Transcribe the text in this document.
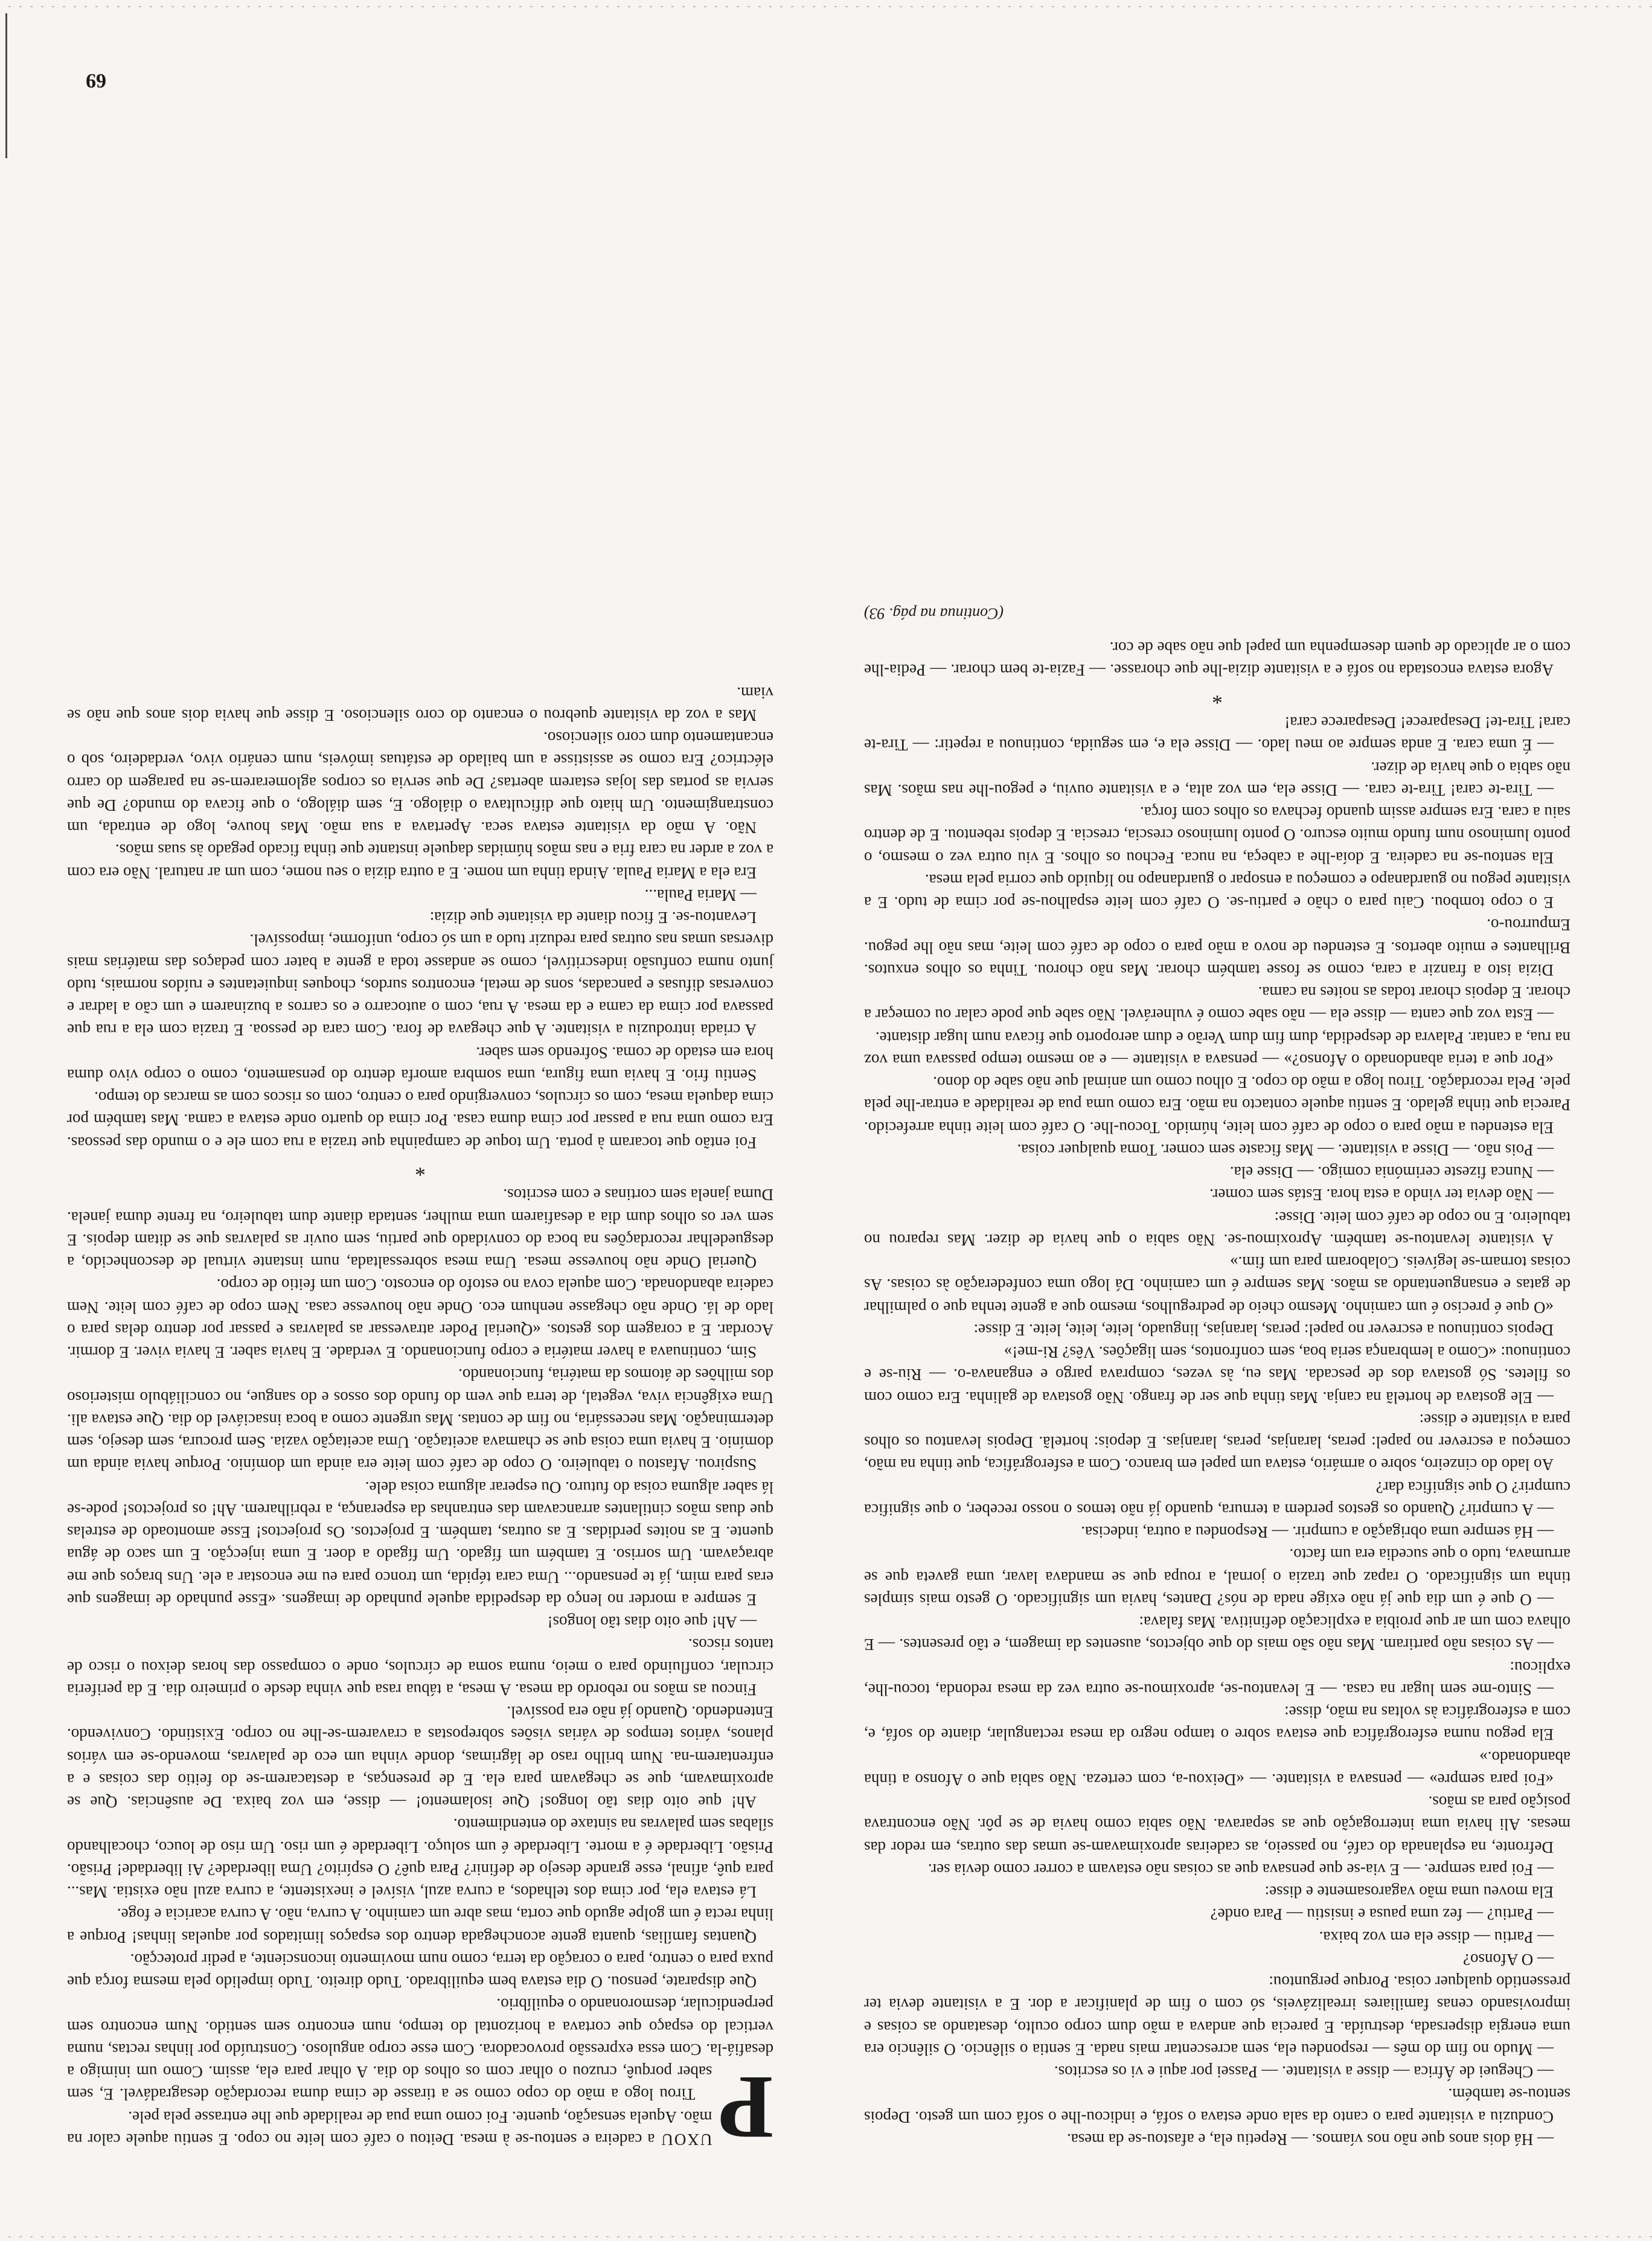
P

UXOU a cadeira e sentou-se à mesa. Deitou o café com leite no copo. E sentiu aquele calor na mão. Aquela sensação, quente. Foi como uma pua de realidade que lhe entrasse pela pele.

Tirou logo a mão do copo como se a tirasse de cima duma recordação desagradável. E, sem saber porquê, cruzou o olhar com os olhos do dia. A olhar para ela, assim. Como um inimigo a desafiá-la. Com essa expressão provocadora. Com esse corpo anguloso. Construído por linhas rectas, numa vertical do espaço que cortava a horizontal do tempo, num encontro sem sentido. Num encontro sem perpendicular, desmoronando o equilíbrio.

Que disparate, pensou. O dia estava bem equilibrado. Tudo direito. Tudo impelido pela mesma força que puxa para o centro, para o coração da terra, como num movimento inconsciente, a pedir protecção.

Quantas famílias, quanta gente aconchegada dentro dos espaços limitados por aquelas linhas! Porque a linha recta é um golpe agudo que corta, mas abre um caminho. A curva, não. A curva acaricia e foge.

Lá estava ela, por cima dos telhados, a curva azul, visível e inexistente, a curva azul não existia. Mas... para quê, afinal, esse grande desejo de definir? Para quê? O espírito? Uma liberdade? Ai liberdade! Prisão. Prisão. Liberdade é a morte. Liberdade é um soluço. Liberdade é um riso. Um riso de louco, chocalhando sílabas sem palavras na sintaxe do entendimento.

Ah! que oito dias tão longos! Que isolamento! — disse, em voz baixa. De ausências. Que se aproximavam, que se chegavam para ela. E de presenças, a destacarem-se do feitio das coisas e a enfrentarem-na. Num brilho raso de lágrimas, donde vinha um eco de palavras, movendo-se em vários planos, vários tempos de várias visões sobrepostas a cravarem-se-lhe no corpo. Existindo. Convivendo. Entendendo. Quando já não era possível.

Fincou as mãos no rebordo da mesa. A mesa, a tábua rasa que vinha desde o primeiro dia. E da periferia circular, confluindo para o meio, numa soma de círculos, onde o compasso das horas deixou o risco de tantos riscos.

— Ah! que oito dias tão longos!

E sempre a morder no lenço da despedida aquele punhado de imagens. «Esse punhado de imagens que eras para mim, já te pensando... Uma cara tépida, um tronco para eu me encostar a ele. Uns braços que me abraçavam. Um sorriso. E também um fígado. Um fígado a doer. E uma injecção. E um saco de água quente. E as noites perdidas. E as outras, também. E projectos. Os projectos! Esse amontoado de estrelas que duas mãos cintilantes arrancavam das entranhas da esperança, a rebrilharem. Ah! os projectos! pode-se lá saber alguma coisa do futuro. Ou esperar alguma coisa dele.

Suspirou. Afastou o tabuleiro. O copo de café com leite era ainda um domínio. Porque havia ainda um domínio. E havia uma coisa que se chamava aceitação. Uma aceitação vazia. Sem procura, sem desejo, sem determinação. Mas necessária, no fim de contas. Mas urgente como a boca insaciável do dia. Que estava ali. Uma exigência viva, vegetal, de terra que vem do fundo dos ossos e do sangue, no conciliábulo misterioso dos milhões de átomos da matéria, funcionando.

Sim, continuava a haver matéria e corpo funcionando. E verdade. E havia saber. E havia viver. E dormir. Acordar. E a coragem dos gestos. «Querial Poder atravessar as palavras e passar por dentro delas para o lado de lá. Onde não chegasse nenhum eco. Onde não houvesse casa. Nem copo de café com leite. Nem cadeira abandonada. Com aquela cova no estofo do encosto. Com um feitio de corpo.

Querial Onde não houvesse mesa. Uma mesa sobressaltada, num instante virtual de desconhecido, a desguedelhar recordações na boca do convidado que partiu, sem ouvir as palavras que se ditam depois. E sem ver os olhos dum dia a desafiarem uma mulher, sentada diante dum tabuleiro, na frente duma janela. Duma janela sem cortinas e com escritos.

*

Foi então que tocaram à porta. Um toque de campainha que trazia a rua com ele e o mundo das pessoas. Era como uma rua a passar por cima duma casa. Por cima do quarto onde estava a cama. Mas também por cima daquela mesa, com os círculos, convergindo para o centro, com os riscos com as marcas do tempo.

Sentiu frio. E havia uma figura, uma sombra amorfa dentro do pensamento, como o corpo vivo duma hora em estado de coma. Sofrendo sem saber.

A criada introduziu a visitante. A que chegava de fora. Com cara de pessoa. E trazia com ela a rua que passava por cima da cama e da mesa. A rua, com o autocarro e os carros a buzinarem e um cão a ladrar e conversas difusas e pancadas, sons de metal, encontros surdos, choques inquietantes e ruídos normais, tudo junto numa confusão indescritível, como se andasse toda a gente a bater com pedaços das matérias mais diversas umas nas outras para reduzir tudo a um só corpo, uniforme, impossível.

Levantou-se. E ficou diante da visitante que dizia:

— Maria Paula...

Era ela a Maria Paula. Ainda tinha um nome. E a outra dizia o seu nome, com um ar natural. Não era com a voz a arder na cara fria e nas mãos húmidas daquele instante que tinha ficado pegado às suas mãos.

Não. A mão da visitante estava seca. Apertava a sua mão. Mas houve, logo de entrada, um constrangimento. Um hiato que dificultava o diálogo. E, sem diálogo, o que ficava do mundo? De que servia as portas das lojas estarem abertas? De que servia os corpos aglomerarem-se na paragem do carro eléctrico? Era como se assistisse a um bailado de estátuas imóveis, num cenário vivo, verdadeiro, sob o encantamento dum coro silencioso.

Mas a voz da visitante quebrou o encanto do coro silencioso. E disse que havia dois anos que não se viam.

— Há dois anos que não nos víamos. — Repetiu ela, e afastou-se da mesa.

Conduziu a visitante para o canto da sala onde estava o sofá, e indicou-lhe o sofá com um gesto. Depois sentou-se também.

— Cheguei de África — disse a visitante. — Passei por aqui e vi os escritos.

— Mudo no fim do mês — respondeu ela, sem acrescentar mais nada. E sentia o silêncio. O silêncio era uma energia dispersada, destruída. E parecia que andava a mão dum corpo oculto, desatando as coisas e improvisando cenas familiares irrealizáveis, só com o fim de planificar a dor. E a visitante devia ter pressentido qualquer coisa. Porque perguntou:

— O Afonso?

— Partiu — disse ela em voz baixa.

— Partiu? — fez uma pausa e insistiu — Para onde?

Ela moveu uma mão vagarosamente e disse:

— Foi para sempre. — E via-se que pensava que as coisas não estavam a correr como devia ser.

Defronte, na esplanada do café, no passeio, as cadeiras aproximavam-se umas das outras, em redor das mesas. Ali havia uma interrogação que as separava. Não sabia como havia de se pôr. Não encontrava posição para as mãos.

«Foi para sempre» — pensava a visitante. — «Deixou-a, com certeza. Não sabia que o Afonso a tinha abandonado.»

Ela pegou numa esferográfica que estava sobre o tampo negro da mesa rectangular, diante do sofá, e, com a esferográfica às voltas na mão, disse:

— Sinto-me sem lugar na casa. — E levantou-se, aproximou-se outra vez da mesa redonda, tocou-lhe, explicou:

— As coisas não partiram. Mas não são mais do que objectos, ausentes da imagem, e tão presentes. — E olhava com um ar que proibia a explicação definitiva. Mas falava:

— O que é um dia que já não exige nada de nós? Dantes, havia um significado. O gesto mais simples tinha um significado. O rapaz que trazia o jornal, a roupa que se mandava lavar, uma gaveta que se arrumava, tudo o que sucedia era um facto.

— Há sempre uma obrigação a cumprir. — Respondeu a outra, indecisa.

— A cumprir? Quando os gestos perdem a ternura, quando já não temos o nosso receber, o que significa cumprir? O que significa dar?

Ao lado do cinzeiro, sobre o armário, estava um papel em branco. Com a esferográfica, que tinha na mão, começou a escrever no papel: peras, laranjas, peras, laranjas. E depois: hortelã. Depois levantou os olhos para a visitante e disse:

— Ele gostava de hortelã na canja. Mas tinha que ser de frango. Não gostava de galinha. Era como com os filetes. Só gostava dos de pescada. Mas eu, às vezes, comprava pargo e enganava-o. — Riu-se e continuou: «Como a lembrança seria boa, sem confrontos, sem ligações. Vês? Ri-me!»

Depois continuou a escrever no papel: peras, laranjas, linguado, leite, leite, leite. E disse:

«O que é preciso é um caminho. Mesmo cheio de pedregulhos, mesmo que a gente tenha que o palmilhar de gatas e ensanguentando as mãos. Mas sempre é um caminho. Dá logo uma confederação às coisas. As coisas tornam-se legíveis. Colaboram para um fim.»

A visitante levantou-se também. Aproximou-se. Não sabia o que havia de dizer. Mas reparou no tabuleiro. E no copo de café com leite. Disse:

— Não devia ter vindo a esta hora. Estás sem comer.

— Nunca fizeste cerimónia comigo. — Disse ela.

— Pois não. — Disse a visitante. — Mas ficaste sem comer. Toma qualquer coisa.

Ela estendeu a mão para o copo de café com leite, húmido. Tocou-lhe. O café com leite tinha arrefecido. Parecia que tinha gelado. E sentiu aquele contacto na mão. Era como uma pua de realidade a entrar-lhe pela pele. Pela recordação. Tirou logo a mão do copo. E olhou como um animal que não sabe do dono.

«Por que a teria abandonado o Afonso?» — pensava a visitante — e ao mesmo tempo passava uma voz na rua, a cantar. Palavra de despedida, dum fim dum Verão e dum aeroporto que ficava num lugar distante.

— Esta voz que canta — disse ela — não sabe como é vulnerável. Não sabe que pode calar ou começar a chorar. E depois chorar todas as noites na cama.

Dizia isto a franzir a cara, como se fosse também chorar. Mas não chorou. Tinha os olhos enxutos. Brilhantes e muito abertos. E estendeu de novo a mão para o copo de café com leite, mas não lhe pegou. Empurrou-o.

E o copo tombou. Caiu para o chão e partiu-se. O café com leite espalhou-se por cima de tudo. E a visitante pegou no guardanapo e começou a ensopar o guardanapo no líquido que corria pela mesa.

Ela sentou-se na cadeira. E doía-lhe a cabeça, na nuca. Fechou os olhos. E viu outra vez o mesmo, o ponto luminoso num fundo muito escuro. O ponto luminoso crescia, crescia. E depois rebentou. E de dentro saiu a cara. Era sempre assim quando fechava os olhos com força.

— Tira-te cara! Tira-te cara. — Disse ela, em voz alta, e a visitante ouviu, e pegou-lhe nas mãos. Mas não sabia o que havia de dizer.

— É uma cara. E anda sempre ao meu lado. — Disse ela e, em seguida, continuou a repetir: — Tira-te cara! Tira-te! Desaparece! Desaparece cara!

*

Agora estava encostada no sofá e a visitante dizia-lhe que chorasse. — Fazia-te bem chorar. — Pedia-lhe com o ar aplicado de quem desempenha um papel que não sabe de cor.

(Continua na pág. 93)

69
